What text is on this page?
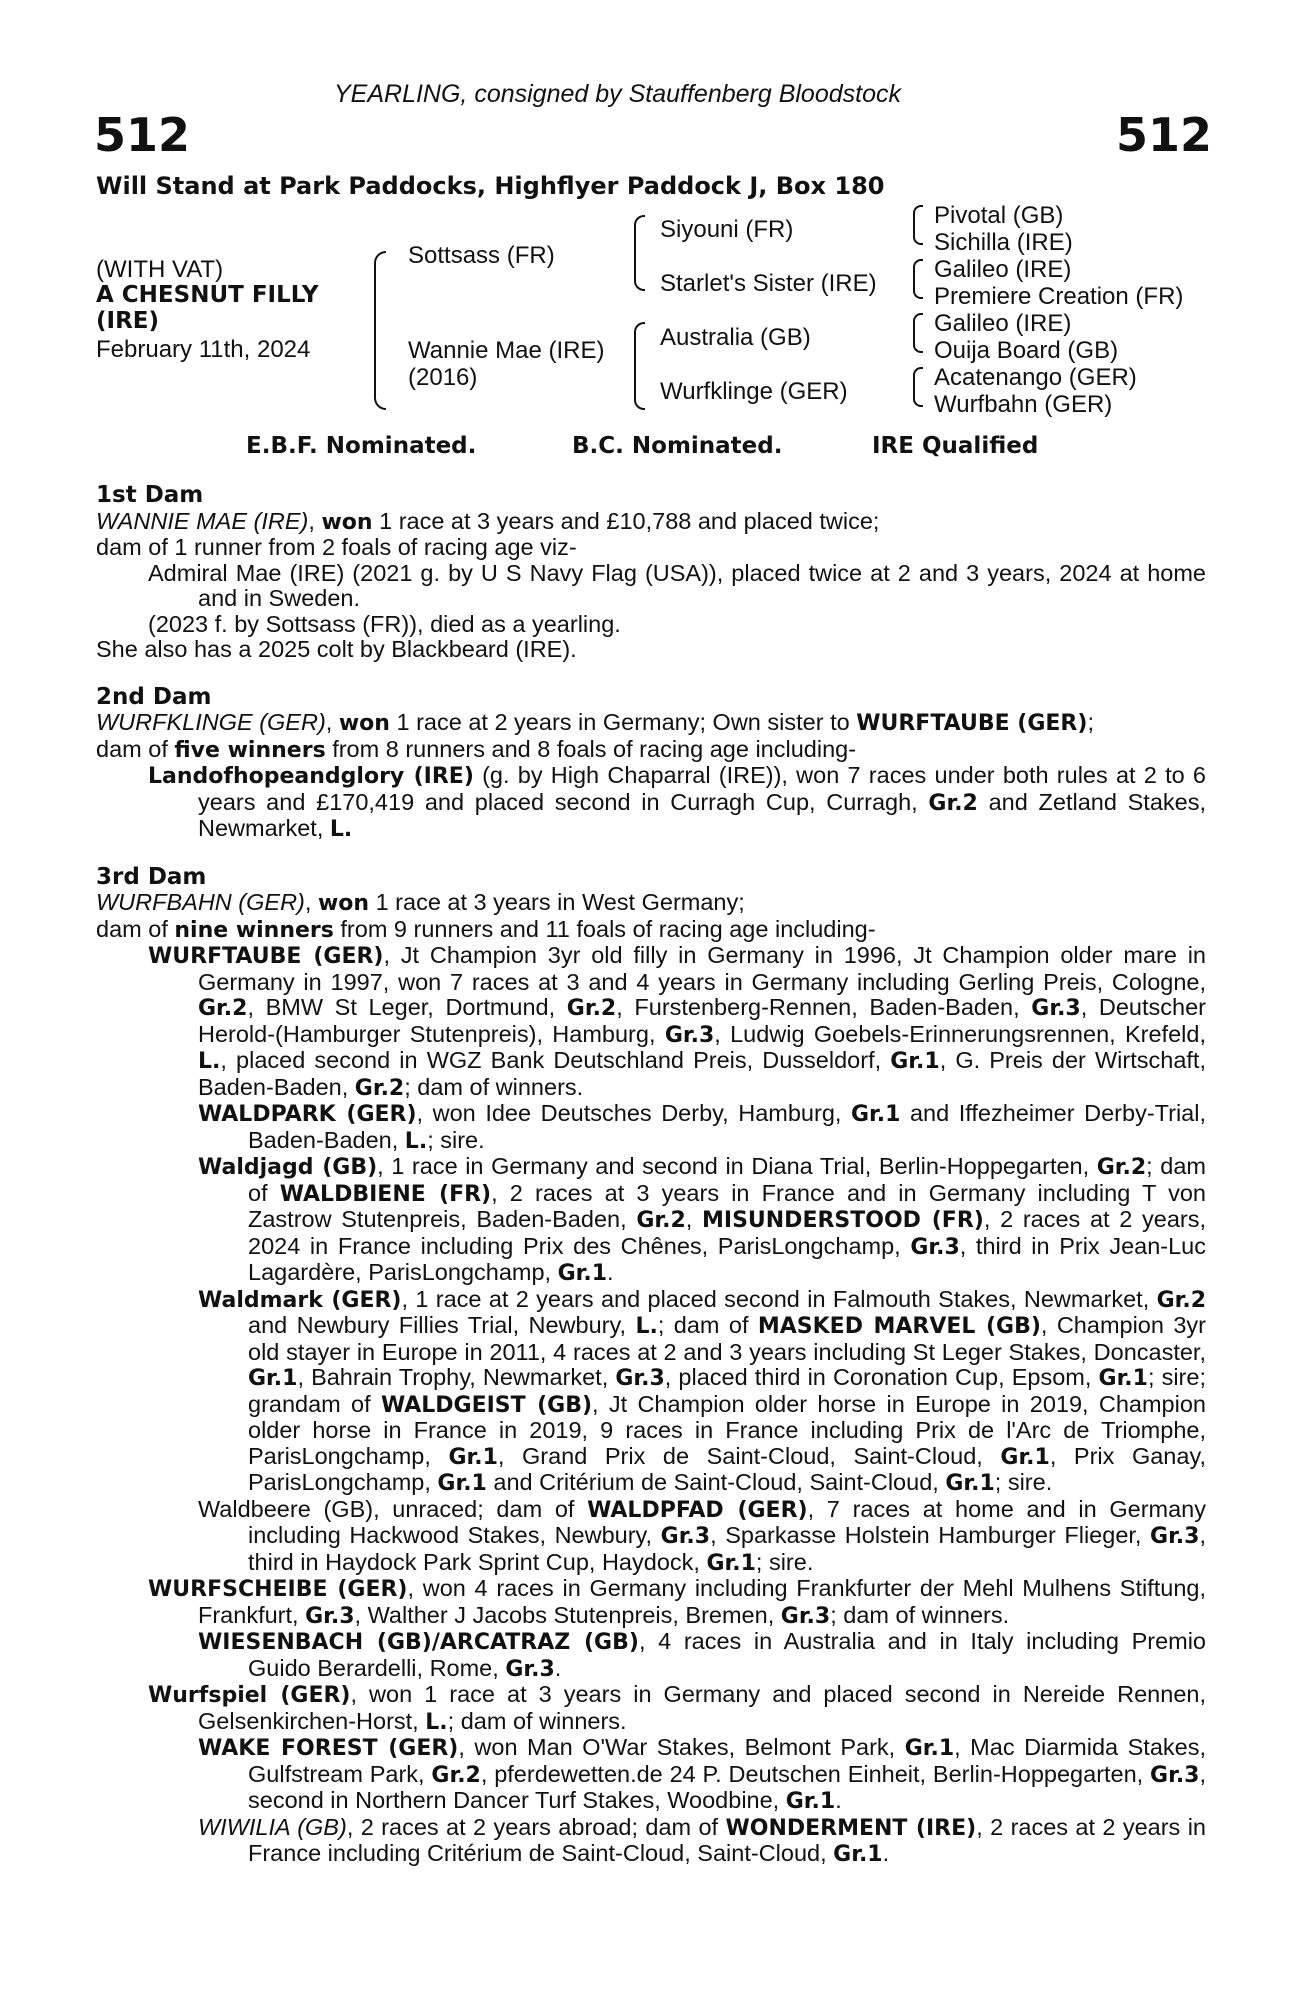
YEARLING, consigned by Stauffenberg Bloodstock
512	512
Will Stand at Park Paddocks, Highflyer Paddock J, Box 180
(WITH VAT)
A CHESNUT FILLY
(IRE)
February 11th, 2024
Sottsass (FR)
Wannie Mae (IRE)
(2016)
Siyouni (FR)
Starlet's Sister (IRE)
Australia (GB)
Wurfklinge (GER)
Pivotal (GB)
Sichilla (IRE)
Galileo (IRE)
Premiere Creation (FR)
Galileo (IRE)
Ouija Board (GB)
Acatenango (GER)
Wurfbahn (GER)
E.B.F. Nominated.	B.C. Nominated.	IRE Qualified
1st Dam

WANNIE MAE (IRE), won 1 race at 3 years and £10,788 and placed twice;

dam of 1 runner from 2 foals of racing age viz-

Admiral Mae (IRE) (2021 g. by U S Navy Flag (USA)), placed twice at 2 and 3 years, 2024 at home and in Sweden.

(2023 f. by Sottsass (FR)), died as a yearling.

She also has a 2025 colt by Blackbeard (IRE).

2nd Dam

WURFKLINGE (GER), won 1 race at 2 years in Germany; Own sister to WURFTAUBE (GER);

dam of five winners from 8 runners and 8 foals of racing age including-

Landofhopeandglory (IRE) (g. by High Chaparral (IRE)), won 7 races under both rules at 2 to 6 years and £170,419 and placed second in Curragh Cup, Curragh, Gr.2 and Zetland Stakes, Newmarket, L.

3rd Dam

WURFBAHN (GER), won 1 race at 3 years in West Germany;

dam of nine winners from 9 runners and 11 foals of racing age including-

WURFTAUBE (GER), Jt Champion 3yr old filly in Germany in 1996, Jt Champion older mare in Germany in 1997, won 7 races at 3 and 4 years in Germany including Gerling Preis, Cologne, Gr.2, BMW St Leger, Dortmund, Gr.2, Furstenberg-Rennen, Baden-Baden, Gr.3, Deutscher Herold-(Hamburger Stutenpreis), Hamburg, Gr.3, Ludwig Goebels-Erinnerungsrennen, Krefeld, L., placed second in WGZ Bank Deutschland Preis, Dusseldorf, Gr.1, G. Preis der Wirtschaft, Baden-Baden, Gr.2; dam of winners.

WALDPARK (GER), won Idee Deutsches Derby, Hamburg, Gr.1 and Iffezheimer Derby-Trial, Baden-Baden, L.; sire.

Waldjagd (GB), 1 race in Germany and second in Diana Trial, Berlin-Hoppegarten, Gr.2; dam of WALDBIENE (FR), 2 races at 3 years in France and in Germany including T von Zastrow Stutenpreis, Baden-Baden, Gr.2, MISUNDERSTOOD (FR), 2 races at 2 years, 2024 in France including Prix des Chênes, ParisLongchamp, Gr.3, third in Prix Jean-Luc Lagardère, ParisLongchamp, Gr.1.

Waldmark (GER), 1 race at 2 years and placed second in Falmouth Stakes, Newmarket, Gr.2 and Newbury Fillies Trial, Newbury, L.; dam of MASKED MARVEL (GB), Champion 3yr old stayer in Europe in 2011, 4 races at 2 and 3 years including St Leger Stakes, Doncaster, Gr.1, Bahrain Trophy, Newmarket, Gr.3, placed third in Coronation Cup, Epsom, Gr.1; sire; grandam of WALDGEIST (GB), Jt Champion older horse in Europe in 2019, Champion older horse in France in 2019, 9 races in France including Prix de l'Arc de Triomphe, ParisLongchamp, Gr.1, Grand Prix de Saint-Cloud, Saint-Cloud, Gr.1, Prix Ganay, ParisLongchamp, Gr.1 and Critérium de Saint-Cloud, Saint-Cloud, Gr.1; sire.

Waldbeere (GB), unraced; dam of WALDPFAD (GER), 7 races at home and in Germany including Hackwood Stakes, Newbury, Gr.3, Sparkasse Holstein Hamburger Flieger, Gr.3, third in Haydock Park Sprint Cup, Haydock, Gr.1; sire.

WURFSCHEIBE (GER), won 4 races in Germany including Frankfurter der Mehl Mulhens Stiftung, Frankfurt, Gr.3, Walther J Jacobs Stutenpreis, Bremen, Gr.3; dam of winners.

WIESENBACH (GB)/ARCATRAZ (GB), 4 races in Australia and in Italy including Premio Guido Berardelli, Rome, Gr.3.

Wurfspiel (GER), won 1 race at 3 years in Germany and placed second in Nereide Rennen, Gelsenkirchen-Horst, L.; dam of winners.

WAKE FOREST (GER), won Man O'War Stakes, Belmont Park, Gr.1, Mac Diarmida Stakes, Gulfstream Park, Gr.2, pferdewetten.de 24 P. Deutschen Einheit, Berlin-Hoppegarten, Gr.3, second in Northern Dancer Turf Stakes, Woodbine, Gr.1.

WIWILIA (GB), 2 races at 2 years abroad; dam of WONDERMENT (IRE), 2 races at 2 years in France including Critérium de Saint-Cloud, Saint-Cloud, Gr.1.
